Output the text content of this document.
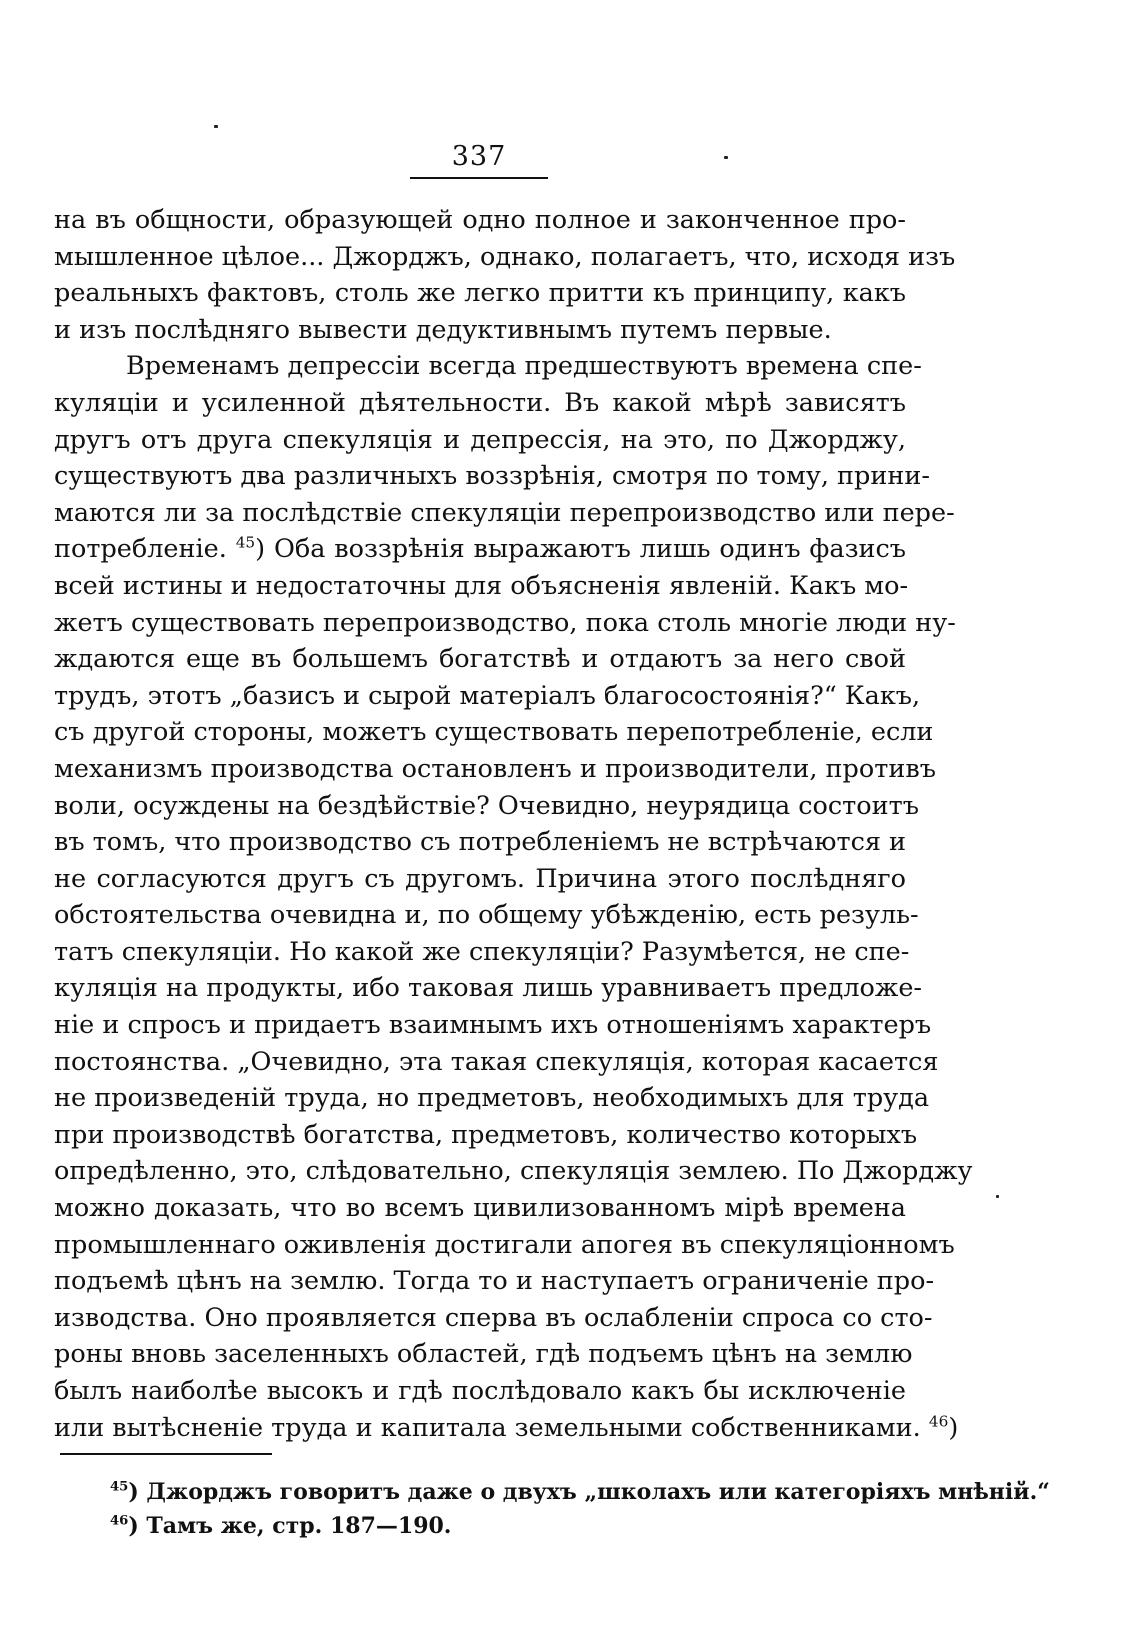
337
на въ общности, образующей одно полное и законченное про-
мышленное цѣлое... Джорджъ, однако, полагаетъ, что, исходя изъ
реальныхъ фактовъ, столь же легко притти къ принципу, какъ
и изъ послѣдняго вывести дедуктивнымъ путемъ первые.
Временамъ депрессіи всегда предшествуютъ времена спе-
куляціи и усиленной дѣятельности. Въ какой мѣрѣ зависятъ
другъ отъ друга спекуляція и депрессія, на это, по Джорджу,
существуютъ два различныхъ воззрѣнія, смотря по тому, прини-
маются ли за послѣдствіе спекуляціи перепроизводство или пере-
потребленіе. $^{45}$) Оба воззрѣнія выражаютъ лишь одинъ фазисъ
всей истины и недостаточны для объясненія явленій. Какъ мо-
жетъ существовать перепроизводство, пока столь многіе люди ну-
ждаются еще въ большемъ богатствѣ и отдаютъ за него свой
трудъ, этотъ „базисъ и сырой матеріалъ благосостоянія?“ Какъ,
съ другой стороны, можетъ существовать перепотребленіе, если
механизмъ производства остановленъ и производители, противъ
воли, осуждены на бездѣйствіе? Очевидно, неурядица состоитъ
въ томъ, что производство съ потребленіемъ не встрѣчаются и
не согласуются другъ съ другомъ. Причина этого послѣдняго
обстоятельства очевидна и, по общему убѣжденію, есть резуль-
татъ спекуляціи. Но какой же спекуляціи? Разумѣется, не спе-
куляція на продукты, ибо таковая лишь уравниваетъ предложе-
ніе и спросъ и придаетъ взаимнымъ ихъ отношеніямъ характеръ
постоянства. „Очевидно, эта такая спекуляція, которая касается
не произведеній труда, но предметовъ, необходимыхъ для труда
при производствѣ богатства, предметовъ, количество которыхъ
опредѣленно, это, слѣдовательно, спекуляція землею. По Джорджу
можно доказать, что во всемъ цивилизованномъ мірѣ времена
промышленнаго оживленія достигали апогея въ спекуляціонномъ
подъемѣ цѣнъ на землю. Тогда то и наступаетъ ограниченіе про-
изводства. Оно проявляется сперва въ ослабленіи спроса со сто-
роны вновь заселенныхъ областей, гдѣ подъемъ цѣнъ на землю
былъ наиболѣе высокъ и гдѣ послѣдовало какъ бы исключеніе
или вытѣсненіе труда и капитала земельными собственниками. $^{46}$)
$^{45}$) Джорджъ говоритъ даже о двухъ „школахъ или категоріяхъ мнѣній.“
$^{46}$) Тамъ же, стр. 187—190.
